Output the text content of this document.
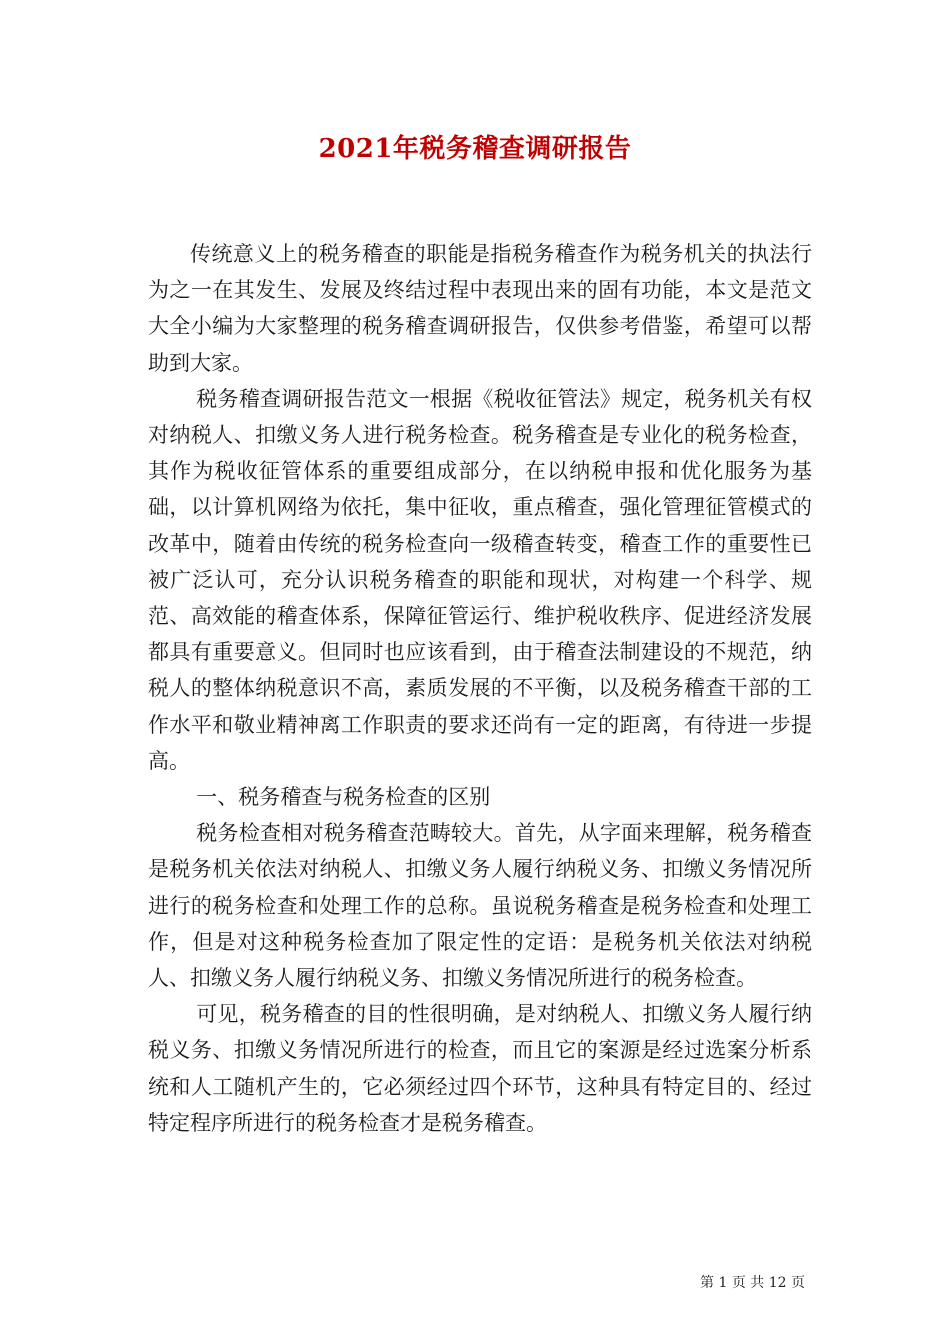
2021年税务稽查调研报告

传统意义上的税务稽查的职能是指税务稽查作为税务机关的执法行为之一在其发生、发展及终结过程中表现出来的固有功能，本文是范文大全小编为大家整理的税务稽查调研报告，仅供参考借鉴，希望可以帮助到大家。

税务稽查调研报告范文一根据《税收征管法》规定，税务机关有权对纳税人、扣缴义务人进行税务检查。税务稽查是专业化的税务检查，其作为税收征管体系的重要组成部分，在以纳税申报和优化服务为基础，以计算机网络为依托，集中征收，重点稽查，强化管理征管模式的改革中，随着由传统的税务检查向一级稽查转变，稽查工作的重要性已被广泛认可，充分认识税务稽查的职能和现状，对构建一个科学、规范、高效能的稽查体系，保障征管运行、维护税收秩序、促进经济发展都具有重要意义。但同时也应该看到，由于稽查法制建设的不规范，纳税人的整体纳税意识不高，素质发展的不平衡，以及税务稽查干部的工作水平和敬业精神离工作职责的要求还尚有一定的距离，有待进一步提高。

一、税务稽查与税务检查的区别

税务检查相对税务稽查范畴较大。首先，从字面来理解，税务稽查是税务机关依法对纳税人、扣缴义务人履行纳税义务、扣缴义务情况所进行的税务检查和处理工作的总称。虽说税务稽查是税务检查和处理工作，但是对这种税务检查加了限定性的定语：是税务机关依法对纳税人、扣缴义务人履行纳税义务、扣缴义务情况所进行的税务检查。

可见，税务稽查的目的性很明确，是对纳税人、扣缴义务人履行纳税义务、扣缴义务情况所进行的检查，而且它的案源是经过选案分析系统和人工随机产生的，它必须经过四个环节，这种具有特定目的、经过特定程序所进行的税务检查才是税务稽查。

第 1 页 共 12 页
